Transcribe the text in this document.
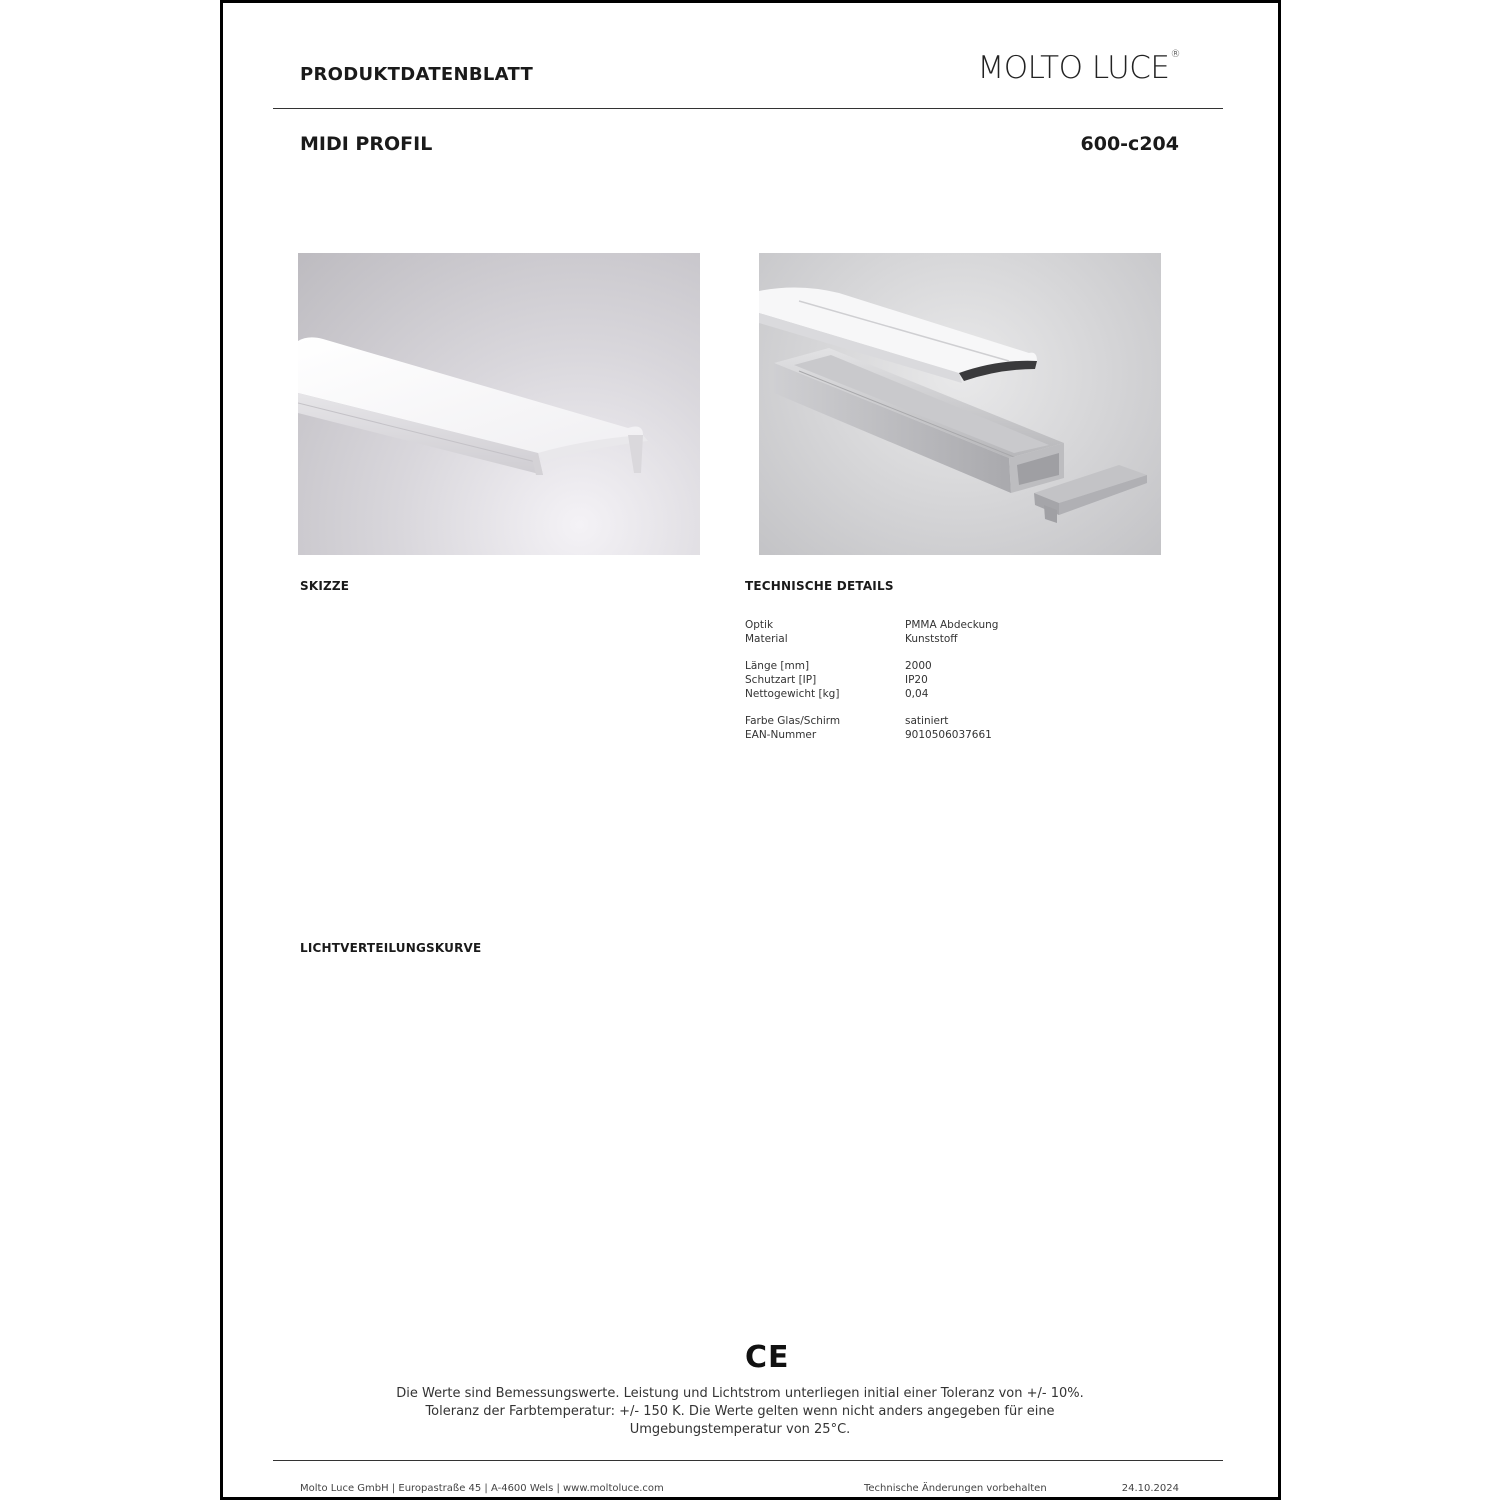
PRODUKTDATENBLATT	MOLTO LUCE®
MIDI PROFIL	600-c204
SKIZZE	TECHNISCHE DETAILS
Optik	PMMA Abdeckung
Material	Kunststoff
Länge [mm]	2000
Schutzart [IP]	IP20
Nettogewicht [kg]	0,04
Farbe Glas/Schirm	satiniert
EAN-Nummer	9010506037661
LICHTVERTEILUNGSKURVE
CE
Die Werte sind Bemessungswerte. Leistung und Lichtstrom unterliegen initial einer Toleranz von +/- 10%.
Toleranz der Farbtemperatur: +/- 150 K. Die Werte gelten wenn nicht anders angegeben für eine
Umgebungstemperatur von 25°C.
Molto Luce GmbH | Europastraße 45 | A-4600 Wels | www.moltoluce.com	Technische Änderungen vorbehalten	24.10.2024
